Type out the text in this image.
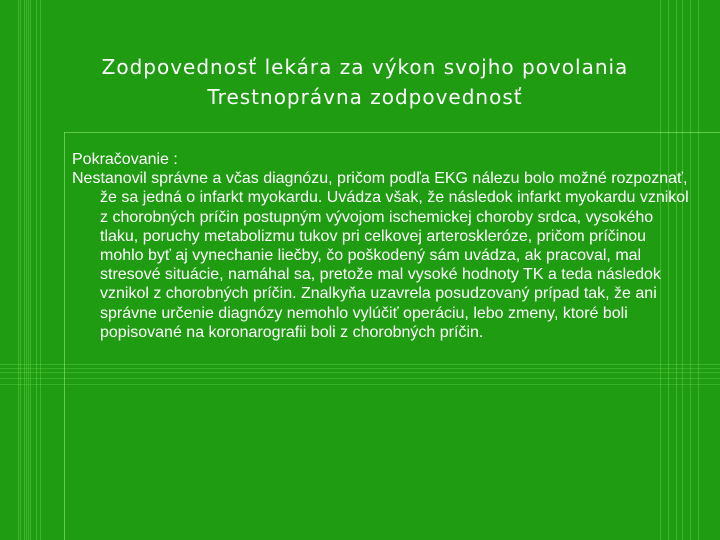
Zodpovednosť lekára za výkon svojho povolania
Trestnoprávna zodpovednosť

Pokračovanie :

Nestanovil správne a včas diagnózu, pričom podľa EKG nálezu bolo možné rozpoznať, že sa jedná o infarkt myokardu. Uvádza však, že následok infarkt myokardu vznikol z chorobných príčin postupným vývojom ischemickej choroby srdca, vysokého tlaku, poruchy metabolizmu tukov pri celkovej arteroskleróze, pričom príčinou mohlo byť aj vynechanie liečby, čo poškodený sám uvádza, ak pracoval, mal stresové situácie, namáhal sa, pretože mal vysoké hodnoty TK a teda následok vznikol z chorobných príčin. Znalkyňa uzavrela posudzovaný prípad tak, že ani správne určenie diagnózy nemohlo vylúčiť operáciu, lebo zmeny, ktoré boli popisované na koronarografii boli z chorobných príčin.
